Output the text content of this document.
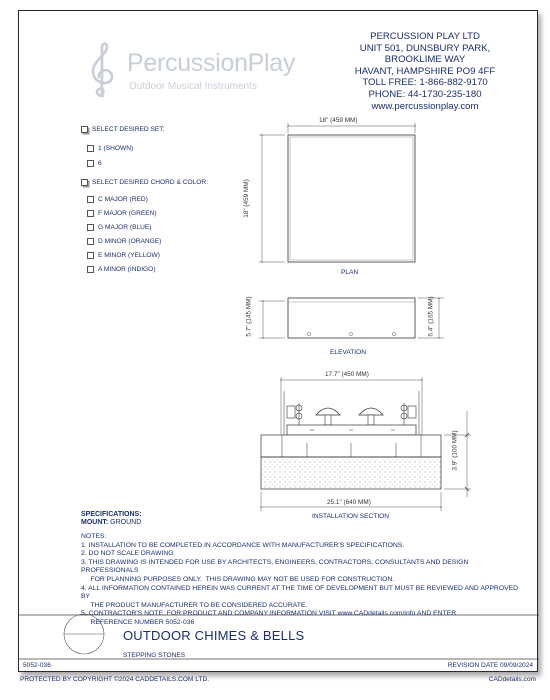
PercussionPlay
Outdoor Musical Instruments
PERCUSSION PLAY LTD
UNIT 501, DUNSBURY PARK,
BROOKLIME WAY
HAVANT, HAMPSHIRE PO9 4FF
TOLL FREE: 1-866-882-9170
PHONE: 44-1730-235-180
www.percussionplay.com
SELECT DESIRED SET:
1 (SHOWN)
6
SELECT DESIRED CHORD & COLOR:
C MAJOR (RED)
F MAJOR (GREEN)
G MAJOR (BLUE)
D MINOR (ORANGE)
E MINOR (YELLOW)
A MINOR (INDIGO)
18" (459 MM)
18" (459 MM)
PLAN
5.7" (145 MM)	6.4" (165 MM)
ELEVATION
17.7" (450 MM)
3.9" (100 MM)
25.1" (640 MM)
INSTALLATION SECTION
SPECIFICATIONS:
MOUNT: GROUND
NOTES:
1. INSTALLATION TO BE COMPLETED IN ACCORDANCE WITH MANUFACTURER'S SPECIFICATIONS.
2. DO NOT SCALE DRAWING
3. THIS DRAWING IS INTENDED FOR USE BY ARCHITECTS, ENGINEERS, CONTRACTORS, CONSULTANTS AND DESIGN PROFESSIONALS
FOR PLANNING PURPOSES ONLY.  THIS DRAWING MAY NOT BE USED FOR CONSTRUCTION.
4. ALL INFORMATION CONTAINED HEREIN WAS CURRENT AT THE TIME OF DEVELOPMENT BUT MUST BE REVIEWED AND APPROVED BY
THE PRODUCT MANUFACTURER TO BE CONSIDERED ACCURATE.
5. CONTRACTOR'S NOTE: FOR PRODUCT AND COMPANY INFORMATION VISIT www.CADdetails.com/info AND ENTER
REFERENCE NUMBER 5052-036
OUTDOOR CHIMES & BELLS
STEPPING STONES
5052-036	REVISION DATE 09/09/2024
PROTECTED BY COPYRIGHT ©2024 CADDETAILS.COM LTD.	CADdetails.com
